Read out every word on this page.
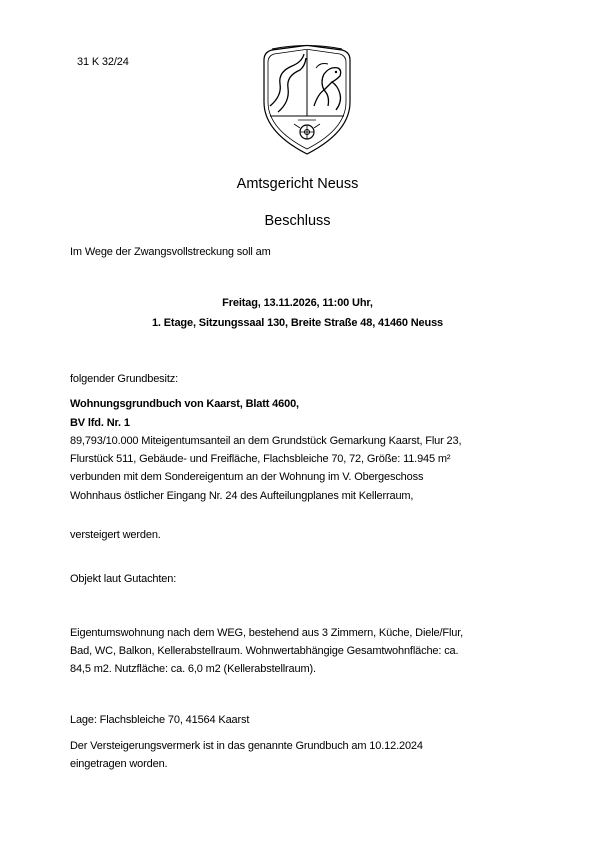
31 K 32/24
Amtsgericht Neuss
Beschluss
Im Wege der Zwangsvollstreckung soll am
Freitag, 13.11.2026, 11:00 Uhr,
1. Etage, Sitzungssaal 130, Breite Straße 48, 41460 Neuss
folgender Grundbesitz:
Wohnungsgrundbuch von Kaarst, Blatt 4600,
BV lfd. Nr. 1
89,793/10.000 Miteigentumsanteil an dem Grundstück Gemarkung Kaarst, Flur 23,
Flurstück 511, Gebäude- und Freifläche, Flachsbleiche 70, 72, Größe: 11.945 m²
verbunden mit dem Sondereigentum an der Wohnung im V. Obergeschoss
Wohnhaus östlicher Eingang Nr. 24 des Aufteilungplanes mit Kellerraum,
versteigert werden.
Objekt laut Gutachten:
Eigentumswohnung nach dem WEG, bestehend aus 3 Zimmern, Küche, Diele/Flur,
Bad, WC, Balkon, Kellerabstellraum. Wohnwertabhängige Gesamtwohnfläche: ca.
84,5 m2. Nutzfläche: ca. 6,0 m2 (Kellerabstellraum).
Lage: Flachsbleiche 70, 41564 Kaarst
Der Versteigerungsvermerk ist in das genannte Grundbuch am 10.12.2024
eingetragen worden.
